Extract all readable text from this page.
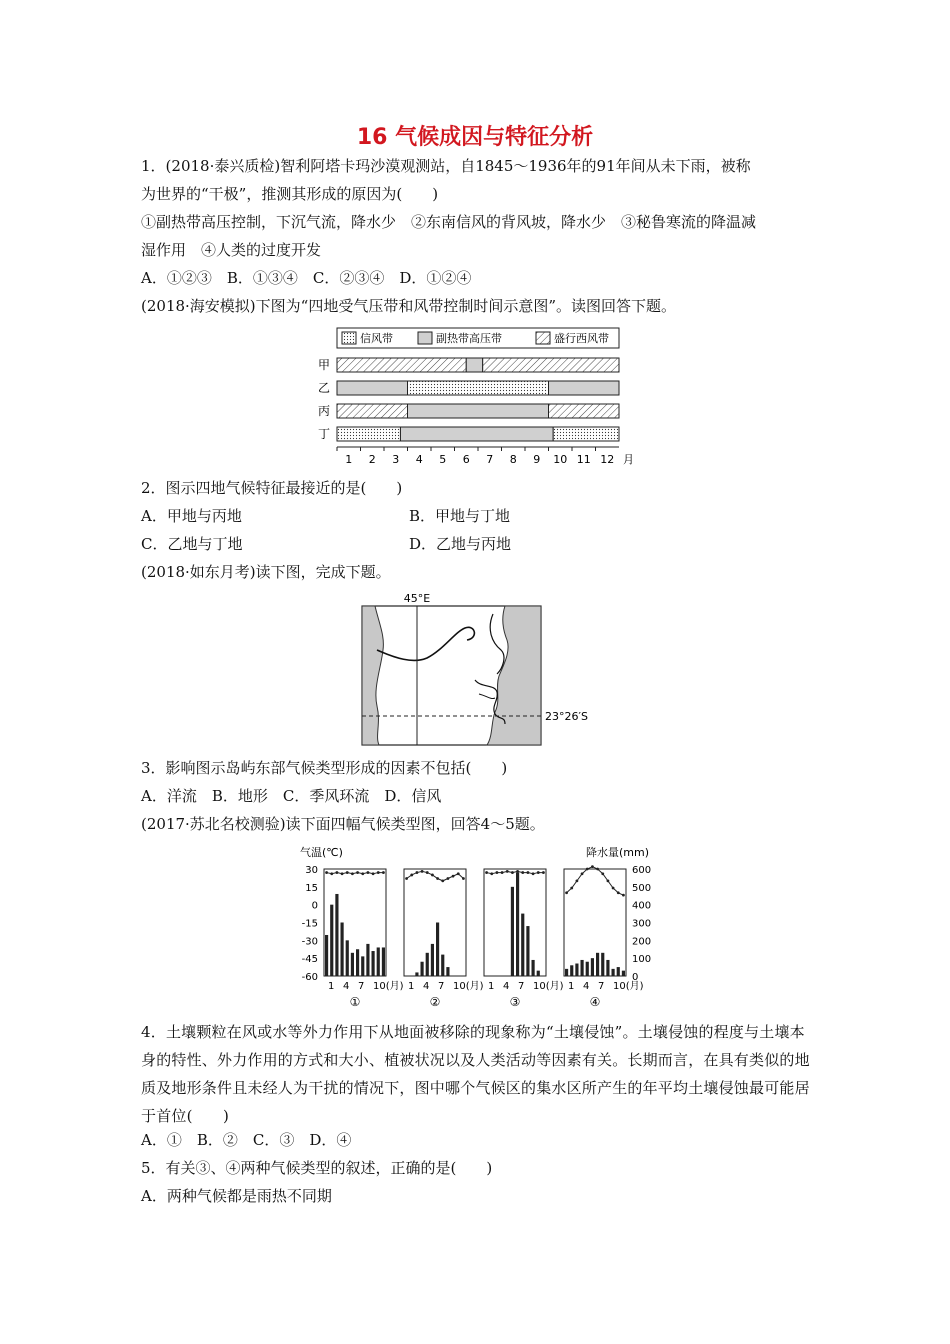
16 气候成因与特征分析
1．(2018·泰兴质检)智利阿塔卡玛沙漠观测站，自1845～1936年的91年间从未下雨，被称
为世界的“干极”，推测其形成的原因为(　　)
①副热带高压控制，下沉气流，降水少　②东南信风的背风坡，降水少　③秘鲁寒流的降温减
湿作用　④人类的过度开发
A．①②③　B．①③④　C．②③④　D．①②④
(2018·海安模拟)下图为“四地受气压带和风带控制时间示意图”。读图回答下题。
信风带	副热带高压带	盛行西风带
甲
乙
丙
丁
1 2 3 4 5 6 7 8 9 10 11 12 月
2．图示四地气候特征最接近的是(　　)
A．甲地与丙地	B．甲地与丁地
C．乙地与丁地	D．乙地与丙地
(2018·如东月考)读下图，完成下题。
45°E
23°26′S
3．影响图示岛屿东部气候类型形成的因素不包括(　　)
A．洋流　B．地形　C．季风环流　D．信风
(2017·苏北名校测验)读下面四幅气候类型图，回答4～5题。
气温(℃)	降水量(mm)
30
15
0
-15
-30
-45
-60
600
500
400
300
200
100
0
1 4 7 10(月)
①
1 4 7 10(月)
②
1 4 7 10(月)
③
1 4 7 10(月)
④
4．土壤颗粒在风或水等外力作用下从地面被移除的现象称为“土壤侵蚀”。土壤侵蚀的程度与土壤本身的特性、外力作用的方式和大小、植被状况以及人类活动等因素有关。长期而言，在具有类似的地质及地形条件且未经人为干扰的情况下，图中哪个气候区的集水区所产生的年平均土壤侵蚀最可能居于首位(　　)
A．①　B．②　C．③　D．④
5．有关③、④两种气候类型的叙述，正确的是(　　)
A．两种气候都是雨热不同期
